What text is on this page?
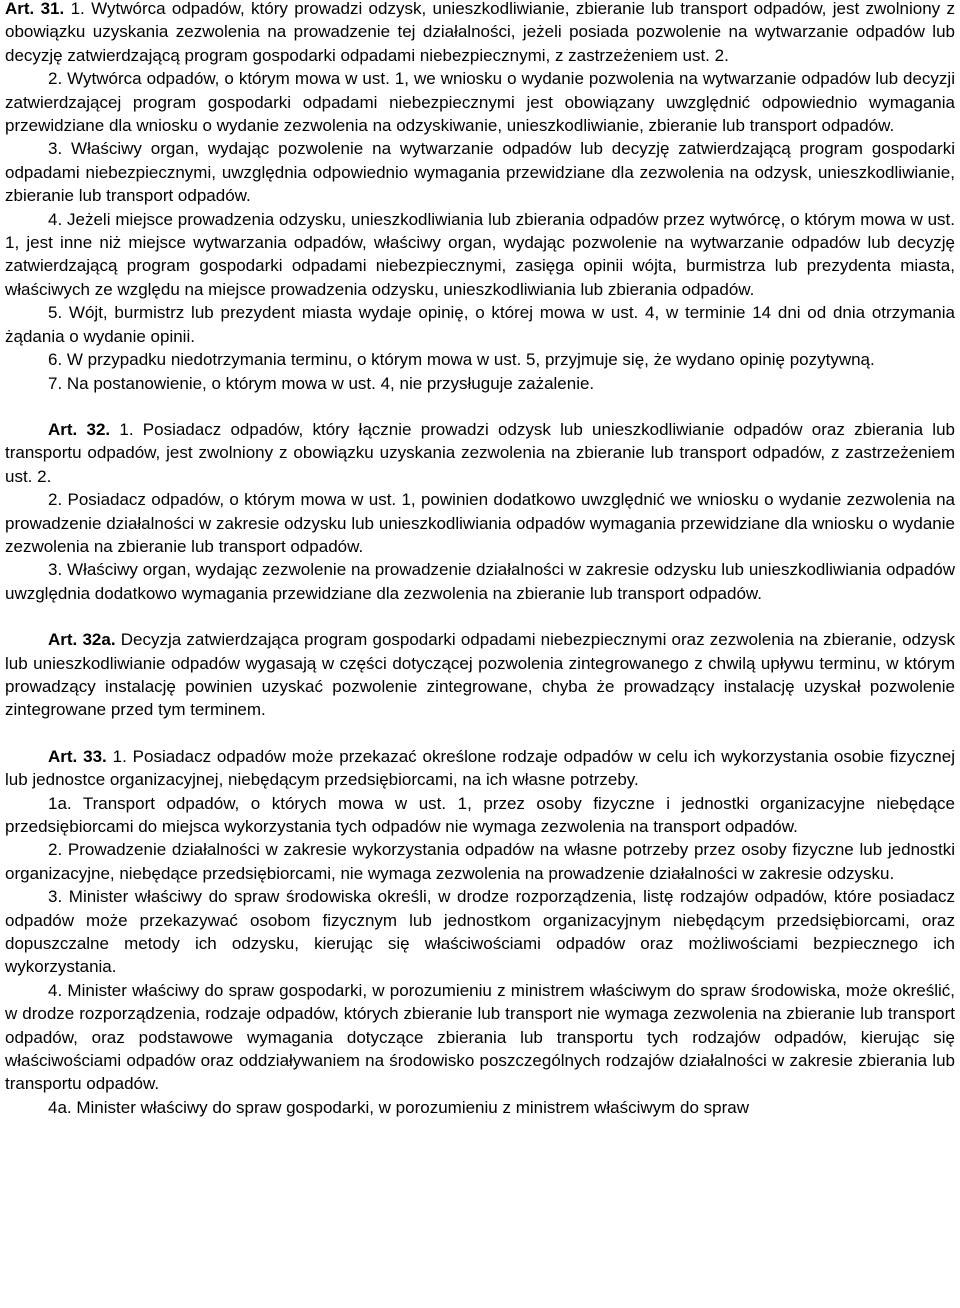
Art. 31. 1. Wytwórca odpadów, który prowadzi odzysk, unieszkodliwianie, zbieranie lub transport odpadów, jest zwolniony z obowiązku uzyskania zezwolenia na prowadzenie tej działalności, jeżeli posiada pozwolenie na wytwarzanie odpadów lub decyzję zatwierdzającą program gospodarki odpadami niebezpiecznymi, z zastrzeżeniem ust. 2.

2. Wytwórca odpadów, o którym mowa w ust. 1, we wniosku o wydanie pozwolenia na wytwarzanie odpadów lub decyzji zatwierdzającej program gospodarki odpadami niebezpiecznymi jest obowiązany uwzględnić odpowiednio wymagania przewidziane dla wniosku o wydanie zezwolenia na odzyskiwanie, unieszkodliwianie, zbieranie lub transport odpadów.

3. Właściwy organ, wydając pozwolenie na wytwarzanie odpadów lub decyzję zatwierdzającą program gospodarki odpadami niebezpiecznymi, uwzględnia odpowiednio wymagania przewidziane dla zezwolenia na odzysk, unieszkodliwianie, zbieranie lub transport odpadów.

4. Jeżeli miejsce prowadzenia odzysku, unieszkodliwiania lub zbierania odpadów przez wytwórcę, o którym mowa w ust. 1, jest inne niż miejsce wytwarzania odpadów, właściwy organ, wydając pozwolenie na wytwarzanie odpadów lub decyzję zatwierdzającą program gospodarki odpadami niebezpiecznymi, zasięga opinii wójta, burmistrza lub prezydenta miasta, właściwych ze względu na miejsce prowadzenia odzysku, unieszkodliwiania lub zbierania odpadów.

5. Wójt, burmistrz lub prezydent miasta wydaje opinię, o której mowa w ust. 4, w terminie 14 dni od dnia otrzymania żądania o wydanie opinii.

6. W przypadku niedotrzymania terminu, o którym mowa w ust. 5, przyjmuje się, że wydano opinię pozytywną.

7. Na postanowienie, o którym mowa w ust. 4, nie przysługuje zażalenie.

Art. 32. 1. Posiadacz odpadów, który łącznie prowadzi odzysk lub unieszkodliwianie odpadów oraz zbierania lub transportu odpadów, jest zwolniony z obowiązku uzyskania zezwolenia na zbieranie lub transport odpadów, z zastrzeżeniem ust. 2.

2. Posiadacz odpadów, o którym mowa w ust. 1, powinien dodatkowo uwzględnić we wniosku o wydanie zezwolenia na prowadzenie działalności w zakresie odzysku lub unieszkodliwiania odpadów wymagania przewidziane dla wniosku o wydanie zezwolenia na zbieranie lub transport odpadów.

3. Właściwy organ, wydając zezwolenie na prowadzenie działalności w zakresie odzysku lub unieszkodliwiania odpadów uwzględnia dodatkowo wymagania przewidziane dla zezwolenia na zbieranie lub transport odpadów.

Art. 32a. Decyzja zatwierdzająca program gospodarki odpadami niebezpiecznymi oraz zezwolenia na zbieranie, odzysk lub unieszkodliwianie odpadów wygasają w części dotyczącej pozwolenia zintegrowanego z chwilą upływu terminu, w którym prowadzący instalację powinien uzyskać pozwolenie zintegrowane, chyba że prowadzący instalację uzyskał pozwolenie zintegrowane przed tym terminem.

Art. 33. 1. Posiadacz odpadów może przekazać określone rodzaje odpadów w celu ich wykorzystania osobie fizycznej lub jednostce organizacyjnej, niebędącym przedsiębiorcami, na ich własne potrzeby.

1a. Transport odpadów, o których mowa w ust. 1, przez osoby fizyczne i jednostki organizacyjne niebędące przedsiębiorcami do miejsca wykorzystania tych odpadów nie wymaga zezwolenia na transport odpadów.

2. Prowadzenie działalności w zakresie wykorzystania odpadów na własne potrzeby przez osoby fizyczne lub jednostki organizacyjne, niebędące przedsiębiorcami, nie wymaga zezwolenia na prowadzenie działalności w zakresie odzysku.

3. Minister właściwy do spraw środowiska określi, w drodze rozporządzenia, listę rodzajów odpadów, które posiadacz odpadów może przekazywać osobom fizycznym lub jednostkom organizacyjnym niebędącym przedsiębiorcami, oraz dopuszczalne metody ich odzysku, kierując się właściwościami odpadów oraz możliwościami bezpiecznego ich wykorzystania.

4. Minister właściwy do spraw gospodarki, w porozumieniu z ministrem właściwym do spraw środowiska, może określić, w drodze rozporządzenia, rodzaje odpadów, których zbieranie lub transport nie wymaga zezwolenia na zbieranie lub transport odpadów, oraz podstawowe wymagania dotyczące zbierania lub transportu tych rodzajów odpadów, kierując się właściwościami odpadów oraz oddziaływaniem na środowisko poszczególnych rodzajów działalności w zakresie zbierania lub transportu odpadów.

4a. Minister właściwy do spraw gospodarki, w porozumieniu z ministrem właściwym do spraw
